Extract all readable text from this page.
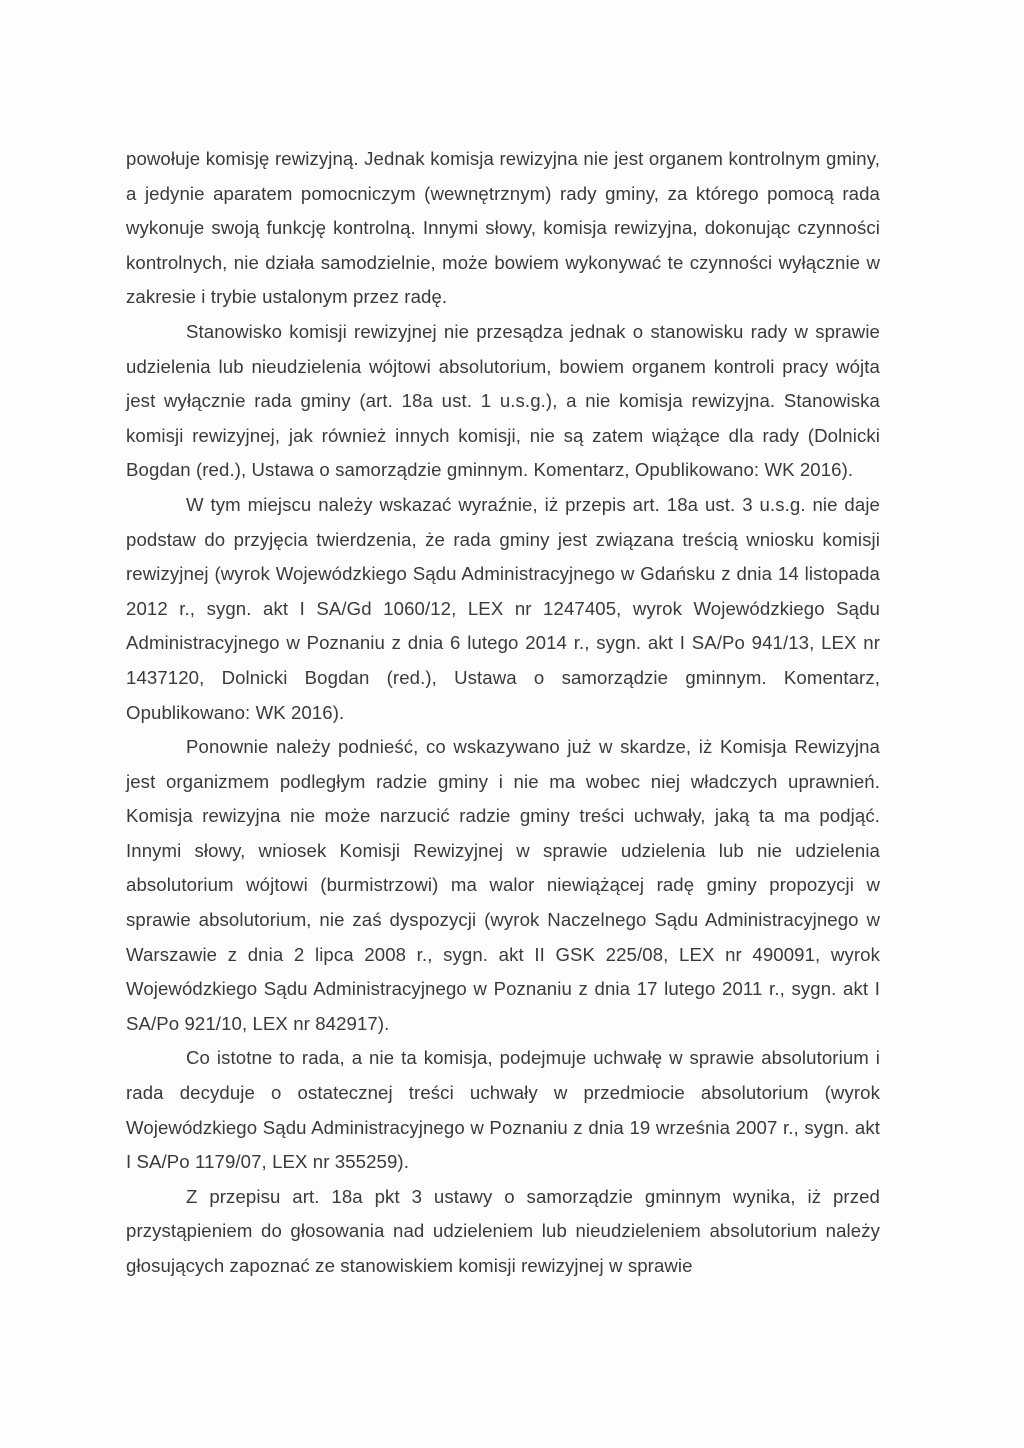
powołuje komisję rewizyjną. Jednak komisja rewizyjna nie jest organem kontrolnym gminy, a jedynie aparatem pomocniczym (wewnętrznym) rady gminy, za którego pomocą rada wykonuje swoją funkcję kontrolną. Innymi słowy, komisja rewizyjna, dokonując czynności kontrolnych, nie działa samodzielnie, może bowiem wykonywać te czynności wyłącznie w zakresie i trybie ustalonym przez radę.

Stanowisko komisji rewizyjnej nie przesądza jednak o stanowisku rady w sprawie udzielenia lub nieudzielenia wójtowi absolutorium, bowiem organem kontroli pracy wójta jest wyłącznie rada gminy (art. 18a ust. 1 u.s.g.), a nie komisja rewizyjna. Stanowiska komisji rewizyjnej, jak również innych komisji, nie są zatem wiążące dla rady (Dolnicki Bogdan (red.), Ustawa o samorządzie gminnym. Komentarz, Opublikowano: WK 2016).

W tym miejscu należy wskazać wyraźnie, iż przepis art. 18a ust. 3 u.s.g. nie daje podstaw do przyjęcia twierdzenia, że rada gminy jest związana treścią wniosku komisji rewizyjnej (wyrok Wojewódzkiego Sądu Administracyjnego w Gdańsku z dnia 14 listopada 2012 r., sygn. akt I SA/Gd 1060/12, LEX nr 1247405, wyrok Wojewódzkiego Sądu Administracyjnego w Poznaniu z dnia 6 lutego 2014 r., sygn. akt I SA/Po 941/13, LEX nr 1437120, Dolnicki Bogdan (red.), Ustawa o samorządzie gminnym. Komentarz, Opublikowano: WK 2016).

Ponownie należy podnieść, co wskazywano już w skardze, iż Komisja Rewizyjna jest organizmem podległym radzie gminy i nie ma wobec niej władczych uprawnień. Komisja rewizyjna nie może narzucić radzie gminy treści uchwały, jaką ta ma podjąć. Innymi słowy, wniosek Komisji Rewizyjnej w sprawie udzielenia lub nie udzielenia absolutorium wójtowi (burmistrzowi) ma walor niewiążącej radę gminy propozycji w sprawie absolutorium, nie zaś dyspozycji (wyrok Naczelnego Sądu Administracyjnego w Warszawie z dnia 2 lipca 2008 r., sygn. akt II GSK 225/08, LEX nr 490091, wyrok Wojewódzkiego Sądu Administracyjnego w Poznaniu z dnia 17 lutego 2011 r., sygn. akt I SA/Po 921/10, LEX nr 842917).

Co istotne to rada, a nie ta komisja, podejmuje uchwałę w sprawie absolutorium i rada decyduje o ostatecznej treści uchwały w przedmiocie absolutorium (wyrok Wojewódzkiego Sądu Administracyjnego w Poznaniu z dnia 19 września 2007 r., sygn. akt I SA/Po 1179/07, LEX nr 355259).

Z przepisu art. 18a pkt 3 ustawy o samorządzie gminnym wynika, iż przed przystąpieniem do głosowania nad udzieleniem lub nieudzieleniem absolutorium należy głosujących zapoznać ze stanowiskiem komisji rewizyjnej w sprawie
